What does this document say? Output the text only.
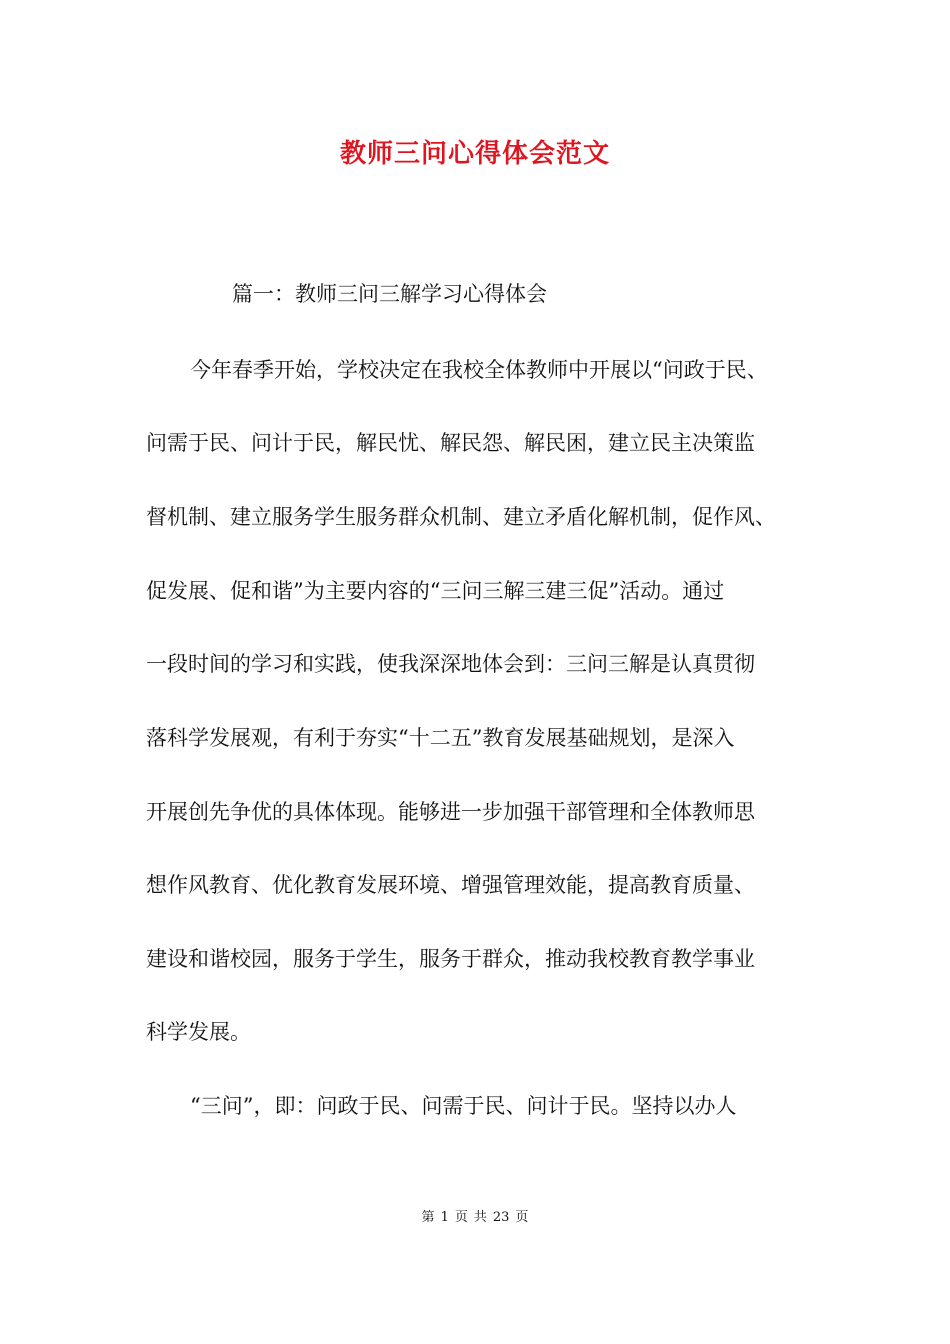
教师三问心得体会范文
篇一：教师三问三解学习心得体会
今年春季开始，学校决定在我校全体教师中开展以“问政于民、
问需于民、问计于民，解民忧、解民怨、解民困，建立民主决策监
督机制、建立服务学生服务群众机制、建立矛盾化解机制，促作风、
促发展、促和谐”为主要内容的“三问三解三建三促”活动。通过
一段时间的学习和实践，使我深深地体会到：三问三解是认真贯彻
落科学发展观，有利于夯实“十二五”教育发展基础规划，是深入
开展创先争优的具体体现。能够进一步加强干部管理和全体教师思
想作风教育、优化教育发展环境、增强管理效能，提高教育质量、
建设和谐校园，服务于学生，服务于群众，推动我校教育教学事业
科学发展。
“三问”，即：问政于民、问需于民、问计于民。坚持以办人
第 1 页 共 23 页
